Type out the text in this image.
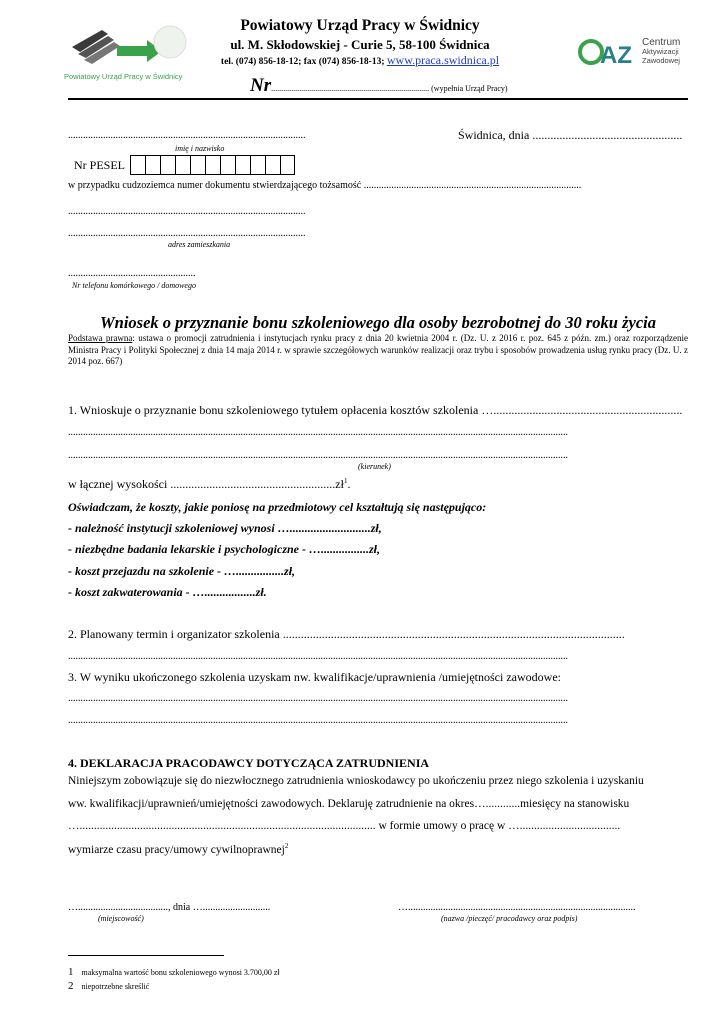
Powiatowy Urząd Pracy w Świdnicy
Powiatowy Urząd Pracy w Świdnicy
ul. M. Skłodowskiej - Curie 5, 58-100 Świdnica
tel. (074) 856-18-12; fax (074) 856-18-13; www.praca.swidnica.pl	AZ Centrum
Aktywizacji
Zawodowej
Nr............................................................................... (wypełnia Urząd Pracy)
...............................................................................................	Świdnica, dnia ..................................................
imię i nazwisko
Nr PESEL
w przypadku cudzoziemca numer dokumentu stwierdzającego tożsamość .......................................................................................
...............................................................................................
...............................................................................................
adres zamieszkania
...................................................
Nr telefonu komórkowego / domowego
Wniosek o przyznanie bonu szkoleniowego dla osoby bezrobotnej do 30 roku życia
Podstawa prawna: ustawa o promocji zatrudnienia i instytucjach rynku pracy z dnia 20 kwietnia 2004 r. (Dz. U. z 2016 r. poz. 645 z późn. zm.) oraz rozporządzenie Ministra Pracy i Polityki Społecznej z dnia 14 maja 2014 r. w sprawie szczegółowych warunków realizacji oraz trybu i sposobów prowadzenia usług rynku pracy (Dz. U. z 2014 poz. 667)
1. Wnioskuje o przyznanie bonu szkoleniowego tytułem opłacenia kosztów szkolenia …...............................................................
........................................................................................................................................................................................................
........................................................................................................................................................................................................
(kierunek)
w łącznej wysokości $.......................................................zł^1$.
Oświadczam, że koszty, jakie poniosę na przedmiotowy cel kształtują się następująco:
- należność instytucji szkoleniowej wynosi …...........................zł,
- niezbędne badania lekarskie i psychologiczne - …................zł,
- koszt przejazdu na szkolenie - …................zł,
- koszt zakwaterowania - ….................zł.
2. Planowany termin i organizator szkolenia ..................................................................................................................
........................................................................................................................................................................................................
3. W wyniku ukończonego szkolenia uzyskam nw. kwalifikacje/uprawnienia /umiejętności zawodowe:
........................................................................................................................................................................................................
........................................................................................................................................................................................................
4. DEKLARACJA PRACODAWCY DOTYCZĄCA ZATRUDNIENIA
Niniejszym zobowiązuje się do niezwłocznego zatrudnienia wnioskodawcy po ukończeniu przez niego szkolenia i uzyskaniu
ww. kwalifikacji/uprawnień/umiejętności zawodowych. Deklaruję zatrudnienie na okres…............miesięcy na stanowisku
…....................................................................................................... w formie umowy o pracę w …...................................
wymiarze czasu pracy/umowy cywilnoprawnej$^2$
…...................................., dnia …...........................
(miejscowość)
…...........................................................................................
(nazwa /pieczęć/ pracodawcy oraz podpis)
1 maksymalna wartość bonu szkoleniowego wynosi 3.700,00 zł
2 niepotrzebne skreślić
